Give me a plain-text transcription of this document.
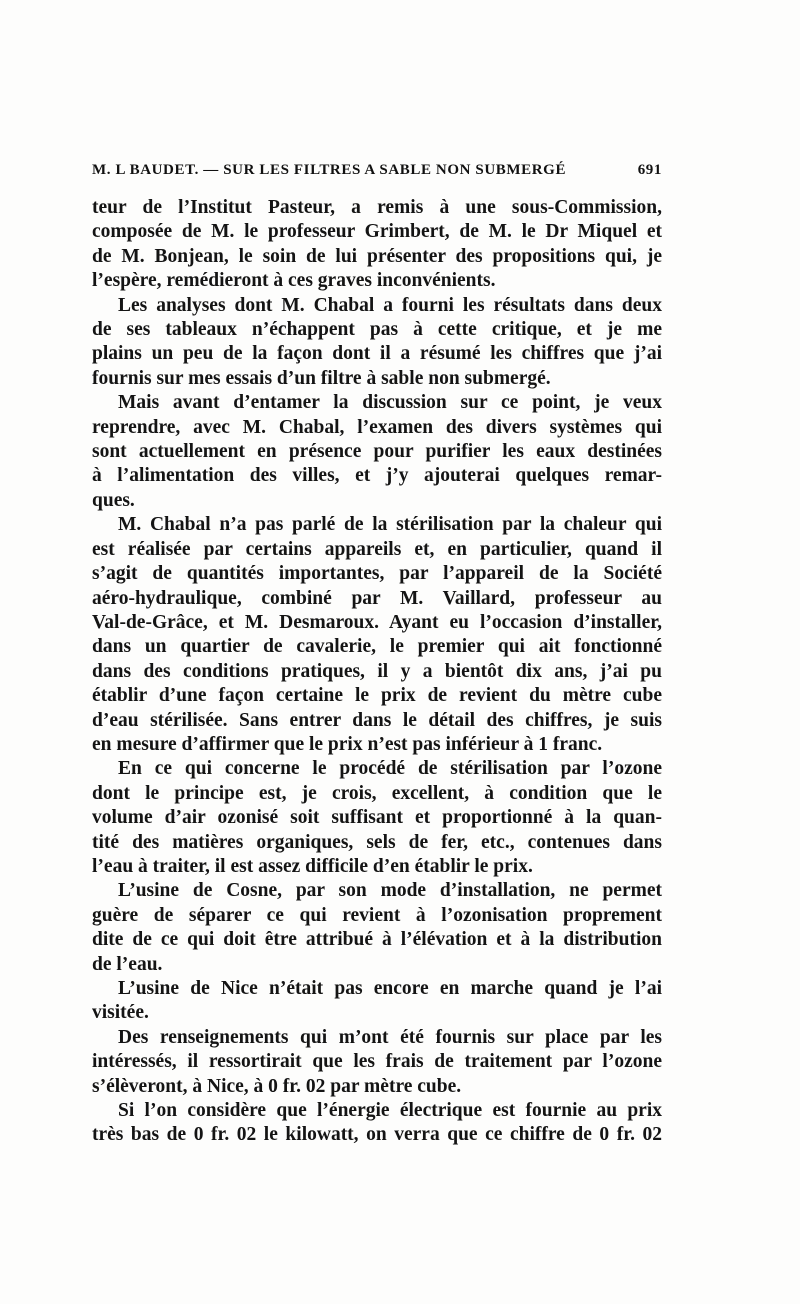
M. L BAUDET. — SUR LES FILTRES A SABLE NON SUBMERGÉ	691
teur de l’Institut Pasteur, a remis à une sous-Commission,
composée de M. le professeur Grimbert, de M. le Dr Miquel et
de M. Bonjean, le soin de lui présenter des propositions qui, je
l’espère, remédieront à ces graves inconvénients.
Les analyses dont M. Chabal a fourni les résultats dans deux
de ses tableaux n’échappent pas à cette critique, et je me
plains un peu de la façon dont il a résumé les chiffres que j’ai
fournis sur mes essais d’un filtre à sable non submergé.
Mais avant d’entamer la discussion sur ce point, je veux
reprendre, avec M. Chabal, l’examen des divers systèmes qui
sont actuellement en présence pour purifier les eaux destinées
à l’alimentation des villes, et j’y ajouterai quelques remar-
ques.
M. Chabal n’a pas parlé de la stérilisation par la chaleur qui
est réalisée par certains appareils et, en particulier, quand il
s’agit de quantités importantes, par l’appareil de la Société
aéro-hydraulique, combiné par M. Vaillard, professeur au
Val-de-Grâce, et M. Desmaroux. Ayant eu l’occasion d’installer,
dans un quartier de cavalerie, le premier qui ait fonctionné
dans des conditions pratiques, il y a bientôt dix ans, j’ai pu
établir d’une façon certaine le prix de revient du mètre cube
d’eau stérilisée. Sans entrer dans le détail des chiffres, je suis
en mesure d’affirmer que le prix n’est pas inférieur à 1 franc.
En ce qui concerne le procédé de stérilisation par l’ozone
dont le principe est, je crois, excellent, à condition que le
volume d’air ozonisé soit suffisant et proportionné à la quan-
tité des matières organiques, sels de fer, etc., contenues dans
l’eau à traiter, il est assez difficile d’en établir le prix.
L’usine de Cosne, par son mode d’installation, ne permet
guère de séparer ce qui revient à l’ozonisation proprement
dite de ce qui doit être attribué à l’élévation et à la distribution
de l’eau.
L’usine de Nice n’était pas encore en marche quand je l’ai
visitée.
Des renseignements qui m’ont été fournis sur place par les
intéressés, il ressortirait que les frais de traitement par l’ozone
s’élèveront, à Nice, à 0 fr. 02 par mètre cube.
Si l’on considère que l’énergie électrique est fournie au prix
très bas de 0 fr. 02 le kilowatt, on verra que ce chiffre de 0 fr. 02
